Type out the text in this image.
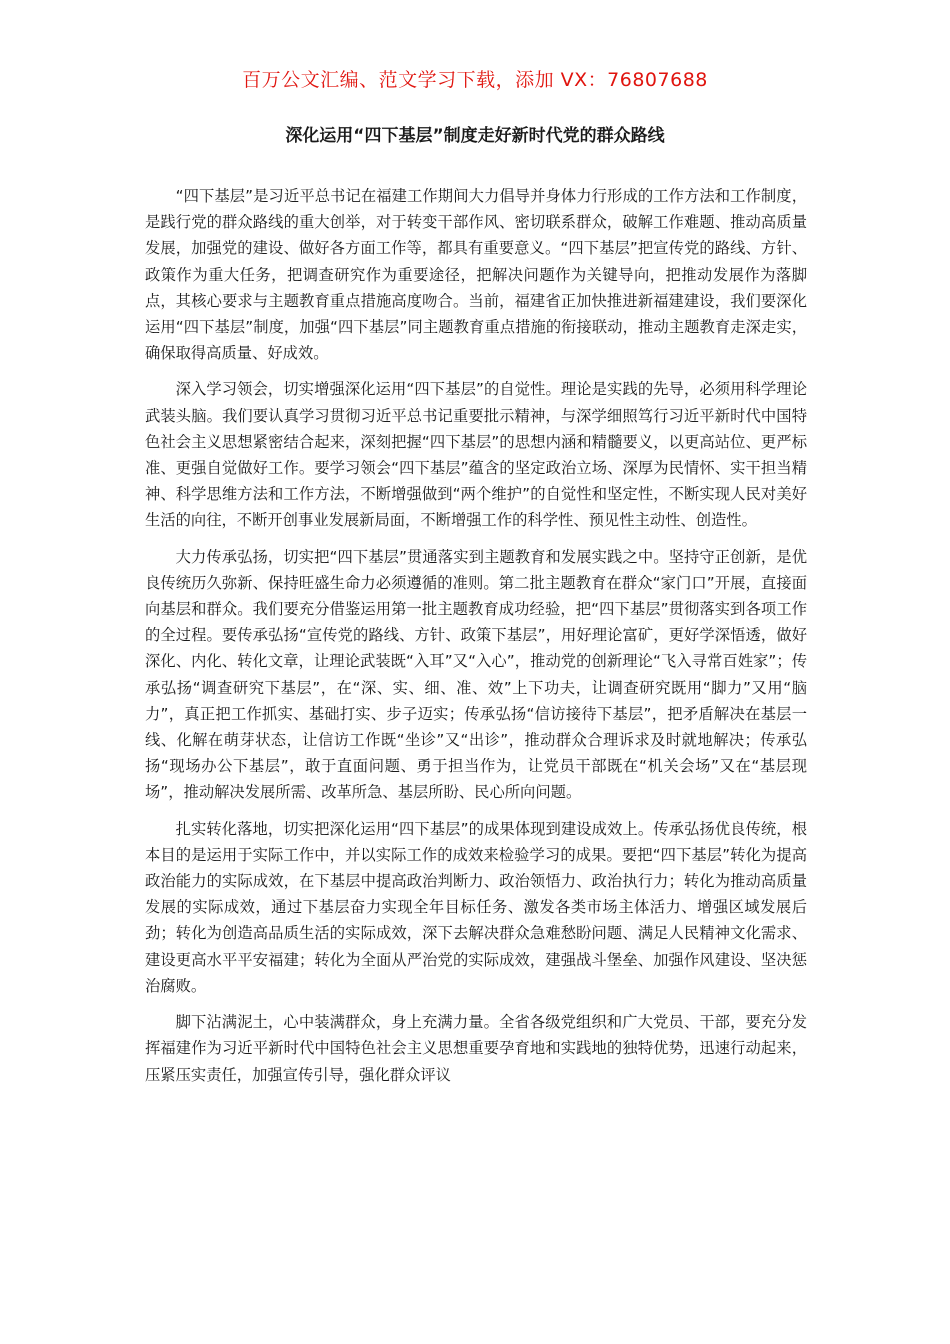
百万公文汇编、范文学习下载，添加 VX：76807688
深化运用“四下基层”制度走好新时代党的群众路线

“四下基层”是习近平总书记在福建工作期间大力倡导并身体力行形成的工作方法和工作制度，是践行党的群众路线的重大创举，对于转变干部作风、密切联系群众，破解工作难题、推动高质量发展，加强党的建设、做好各方面工作等，都具有重要意义。“四下基层”把宣传党的路线、方针、政策作为重大任务，把调查研究作为重要途径，把解决问题作为关键导向，把推动发展作为落脚点，其核心要求与主题教育重点措施高度吻合。当前，福建省正加快推进新福建建设，我们要深化运用“四下基层”制度，加强“四下基层”同主题教育重点措施的衔接联动，推动主题教育走深走实，确保取得高质量、好成效。

深入学习领会，切实增强深化运用“四下基层”的自觉性。理论是实践的先导，必须用科学理论武装头脑。我们要认真学习贯彻习近平总书记重要批示精神，与深学细照笃行习近平新时代中国特色社会主义思想紧密结合起来，深刻把握“四下基层”的思想内涵和精髓要义，以更高站位、更严标准、更强自觉做好工作。要学习领会“四下基层”蕴含的坚定政治立场、深厚为民情怀、实干担当精神、科学思维方法和工作方法，不断增强做到“两个维护”的自觉性和坚定性，不断实现人民对美好生活的向往，不断开创事业发展新局面，不断增强工作的科学性、预见性主动性、创造性。

大力传承弘扬，切实把“四下基层”贯通落实到主题教育和发展实践之中。坚持守正创新，是优良传统历久弥新、保持旺盛生命力必须遵循的准则。第二批主题教育在群众“家门口”开展，直接面向基层和群众。我们要充分借鉴运用第一批主题教育成功经验，把“四下基层”贯彻落实到各项工作的全过程。要传承弘扬“宣传党的路线、方针、政策下基层”，用好理论富矿，更好学深悟透，做好深化、内化、转化文章，让理论武装既“入耳”又“入心”，推动党的创新理论“飞入寻常百姓家”；传承弘扬“调查研究下基层”，在“深、实、细、准、效”上下功夫，让调查研究既用“脚力”又用“脑力”，真正把工作抓实、基础打实、步子迈实；传承弘扬“信访接待下基层”，把矛盾解决在基层一线、化解在萌芽状态，让信访工作既“坐诊”又“出诊”，推动群众合理诉求及时就地解决；传承弘扬“现场办公下基层”，敢于直面问题、勇于担当作为，让党员干部既在“机关会场”又在“基层现场”，推动解决发展所需、改革所急、基层所盼、民心所向问题。

扎实转化落地，切实把深化运用“四下基层”的成果体现到建设成效上。传承弘扬优良传统，根本目的是运用于实际工作中，并以实际工作的成效来检验学习的成果。要把“四下基层”转化为提高政治能力的实际成效，在下基层中提高政治判断力、政治领悟力、政治执行力；转化为推动高质量发展的实际成效，通过下基层奋力实现全年目标任务、激发各类市场主体活力、增强区域发展后劲；转化为创造高品质生活的实际成效，深下去解决群众急难愁盼问题、满足人民精神文化需求、建设更高水平平安福建；转化为全面从严治党的实际成效，建强战斗堡垒、加强作风建设、坚决惩治腐败。

脚下沾满泥土，心中装满群众，身上充满力量。全省各级党组织和广大党员、干部，要充分发挥福建作为习近平新时代中国特色社会主义思想重要孕育地和实践地的独特优势，迅速行动起来，压紧压实责任，加强宣传引导，强化群众评议
